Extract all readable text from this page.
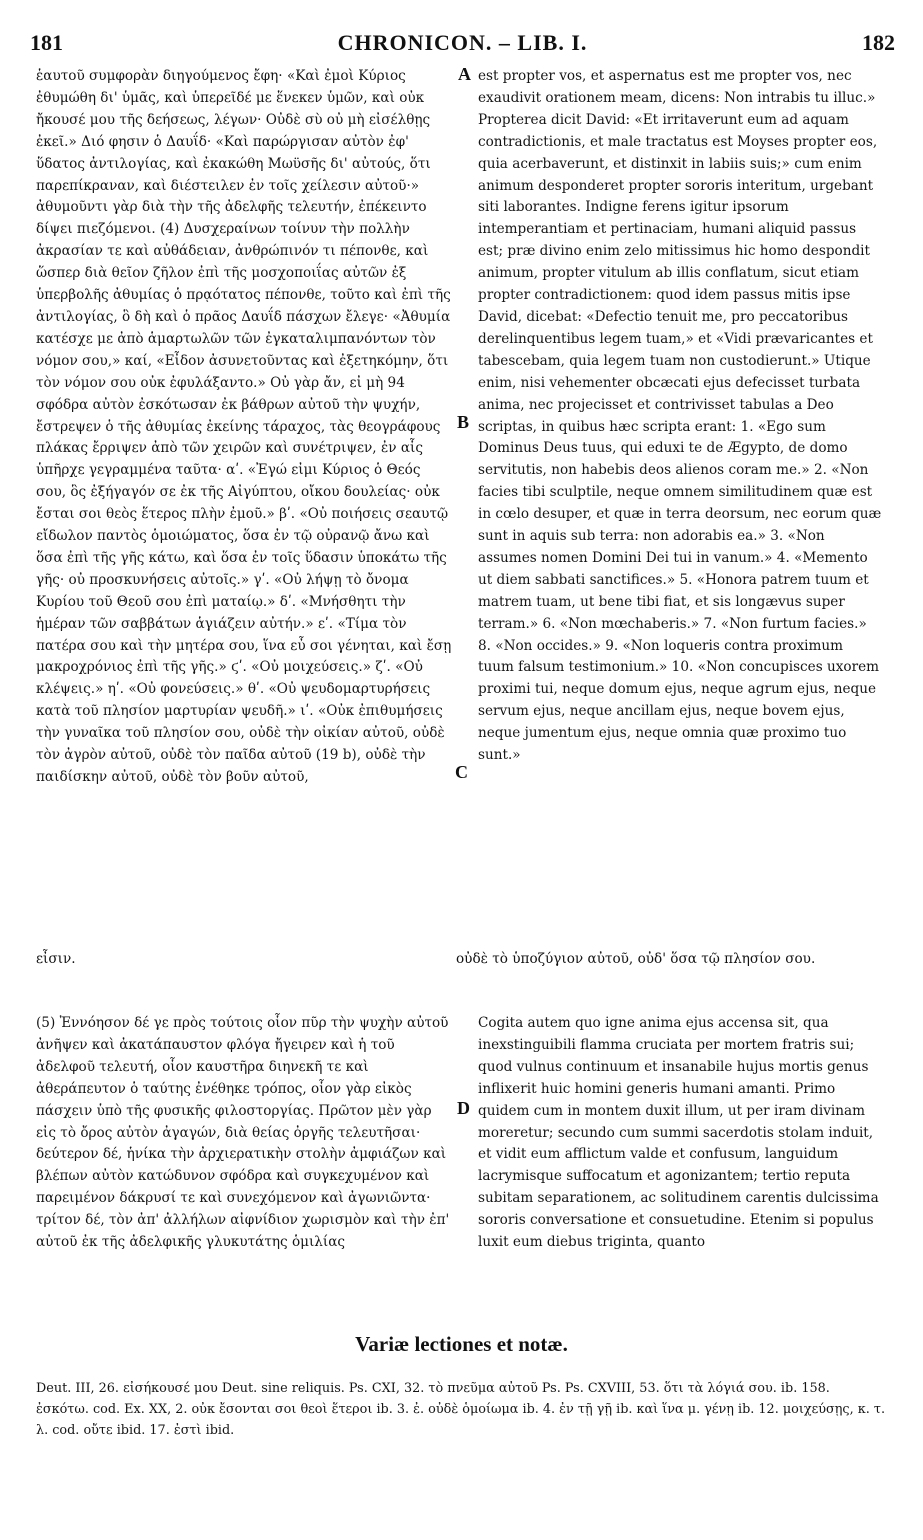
181	CHRONICON. – LIB. I.	182

ἑαυτοῦ συμφορὰν διηγούμενος ἔφη· «Καὶ ἐμοὶ Κύριος ἐθυμώθη δι' ὑμᾶς, καὶ ὑπερεῖδέ με ἕνεκεν ὑμῶν, καὶ οὐκ ἤκουσέ μου τῆς δεήσεως, λέγων· Οὐδὲ σὺ οὐ μὴ εἰσέλθῃς ἐκεῖ.» Διό φησιν ὁ Δαυΐδ· «Καὶ παρώργισαν αὐτὸν ἐφ' ὕδατος ἀντιλογίας, καὶ ἐκακώθη Μωϋσῆς δι' αὐτούς, ὅτι παρεπίκραναν, καὶ διέστειλεν ἐν τοῖς χείλεσιν αὐτοῦ·» ἀθυμοῦντι γὰρ διὰ τὴν τῆς ἀδελφῆς τελευτήν, ἐπέκειντο δίψει πιεζόμενοι. (4) Δυσχεραίνων τοίνυν τὴν πολλὴν ἀκρασίαν τε καὶ αὐθάδειαν, ἀνθρώπινόν τι πέπονθε, καὶ ὥσπερ διὰ θεῖον ζῆλον ἐπὶ τῆς μοσχοποιΐας αὐτῶν ἐξ ὑπερβολῆς ἀθυμίας ὁ πρᾳότατος πέπονθε, τοῦτο καὶ ἐπὶ τῆς ἀντιλογίας, ὃ δὴ καὶ ὁ πρᾶος Δαυΐδ πάσχων ἔλεγε· «Ἀθυμία κατέσχε με ἀπὸ ἁμαρτωλῶν τῶν ἐγκαταλιμπανόντων τὸν νόμον σου,» καί, «Εἶδον ἀσυνετοῦντας καὶ ἐξετηκόμην, ὅτι τὸν νόμον σου οὐκ ἐφυλάξαντο.» Οὐ γὰρ ἄν, εἰ μὴ 94 σφόδρα αὐτὸν ἐσκότωσαν ἐκ βάθρων αὐτοῦ τὴν ψυχήν, ἔστρεψεν ὁ τῆς ἀθυμίας ἐκείνης τάραχος, τὰς θεογράφους πλάκας ἔρριψεν ἀπὸ τῶν χειρῶν καὶ συνέτριψεν, ἐν αἷς ὑπῆρχε γεγραμμένα ταῦτα· αʹ. «Ἐγώ εἰμι Κύριος ὁ Θεός σου, ὃς ἐξήγαγόν σε ἐκ τῆς Αἰγύπτου, οἴκου δουλείας· οὐκ ἔσται σοι θεὸς ἕτερος πλὴν ἐμοῦ.» βʹ. «Οὐ ποιήσεις σεαυτῷ εἴδωλον παντὸς ὁμοιώματος, ὅσα ἐν τῷ οὐρανῷ ἄνω καὶ ὅσα ἐπὶ τῆς γῆς κάτω, καὶ ὅσα ἐν τοῖς ὕδασιν ὑποκάτω τῆς γῆς· οὐ προσκυνήσεις αὐτοῖς.» γʹ. «Οὐ λήψῃ τὸ ὄνομα Κυρίου τοῦ Θεοῦ σου ἐπὶ ματαίῳ.» δʹ. «Μνήσθητι τὴν ἡμέραν τῶν σαββάτων ἁγιάζειν αὐτήν.» εʹ. «Τίμα τὸν πατέρα σου καὶ τὴν μητέρα σου, ἵνα εὖ σοι γένηται, καὶ ἔσῃ μακροχρόνιος ἐπὶ τῆς γῆς.» ϛʹ. «Οὐ μοιχεύσεις.» ζʹ. «Οὐ κλέψεις.» ηʹ. «Οὐ φονεύσεις.» θʹ. «Οὐ ψευδομαρτυρήσεις κατὰ τοῦ πλησίον μαρτυρίαν ψευδῆ.» ιʹ. «Οὐκ ἐπιθυμήσεις τὴν γυναῖκα τοῦ πλησίον σου, οὐδὲ τὴν οἰκίαν αὐτοῦ, οὐδὲ τὸν ἀγρὸν αὐτοῦ, οὐδὲ τὸν παῖδα αὐτοῦ (19 b), οὐδὲ τὴν παιδίσκην αὐτοῦ, οὐδὲ τὸν βοῦν αὐτοῦ,

est propter vos, et aspernatus est me propter vos, nec exaudivit orationem meam, dicens: Non intrabis tu illuc.» Propterea dicit David: «Et irritaverunt eum ad aquam contradictionis, et male tractatus est Moyses propter eos, quia acerbaverunt, et distinxit in labiis suis;» cum enim animum desponderet propter sororis interitum, urgebant siti laborantes. Indigne ferens igitur ipsorum intemperantiam et pertinaciam, humani aliquid passus est; præ divino enim zelo mitissimus hic homo despondit animum, propter vitulum ab illis conflatum, sicut etiam propter contradictionem: quod idem passus mitis ipse David, dicebat: «Defectio tenuit me, pro peccatoribus derelinquentibus legem tuam,» et «Vidi prævaricantes et tabescebam, quia legem tuam non custodierunt.» Utique enim, nisi vehementer obcæcati ejus defecisset turbata anima, nec projecisset et contrivisset tabulas a Deo scriptas, in quibus hæc scripta erant: 1. «Ego sum Dominus Deus tuus, qui eduxi te de Ægypto, de domo servitutis, non habebis deos alienos coram me.» 2. «Non facies tibi sculptile, neque omnem similitudinem quæ est in cœlo desuper, et quæ in terra deorsum, nec eorum quæ sunt in aquis sub terra: non adorabis ea.» 3. «Non assumes nomen Domini Dei tui in vanum.» 4. «Memento ut diem sabbati sanctifices.» 5. «Honora patrem tuum et matrem tuam, ut bene tibi fiat, et sis longævus super terram.» 6. «Non mœchaberis.» 7. «Non furtum facies.» 8. «Non occides.» 9. «Non loqueris contra proximum tuum falsum testimonium.» 10. «Non concupisces uxorem proximi tui, neque domum ejus, neque agrum ejus, neque servum ejus, neque ancillam ejus, neque bovem ejus, neque jumentum ejus, neque omnia quæ proximo tuo sunt.»

A
B
C
D
εἶσιν.	οὐδὲ τὸ ὑποζύγιον αὐτοῦ, οὐδ' ὅσα τῷ πλησίον σου.

(5) Ἐννόησον δέ γε πρὸς τούτοις οἷον πῦρ τὴν ψυχὴν αὐτοῦ ἀνῆψεν καὶ ἀκατάπαυστον φλόγα ἤγειρεν καὶ ἡ τοῦ ἀδελφοῦ τελευτή, οἷον καυστῆρα διηνεκῆ τε καὶ ἀθεράπευτον ὁ ταύτης ἐνέθηκε τρόπος, οἷον γὰρ εἰκὸς πάσχειν ὑπὸ τῆς φυσικῆς φιλοστοργίας. Πρῶτον μὲν γὰρ εἰς τὸ ὄρος αὐτὸν ἀγαγών, διὰ θείας ὀργῆς τελευτῆσαι· δεύτερον δέ, ἡνίκα τὴν ἀρχιερατικὴν στολὴν ἀμφιάζων καὶ βλέπων αὐτὸν κατώδυνον σφόδρα καὶ συγκεχυμένον καὶ παρειμένον δάκρυσί τε καὶ συνεχόμενον καὶ ἀγωνιῶντα· τρίτον δέ, τὸν ἀπ' ἀλλήλων αἰφνίδιον χωρισμὸν καὶ τὴν ἐπ' αὐτοῦ ἐκ τῆς ἀδελφικῆς γλυκυτάτης ὁμιλίας

Cogita autem quo igne anima ejus accensa sit, qua inexstinguibili flamma cruciata per mortem fratris sui; quod vulnus continuum et insanabile hujus mortis genus inflixerit huic homini generis humani amanti. Primo quidem cum in montem duxit illum, ut per iram divinam moreretur; secundo cum summi sacerdotis stolam induit, et vidit eum afflictum valde et confusum, languidum lacrymisque suffocatum et agonizantem; tertio reputa subitam separationem, ac solitudinem carentis dulcissima sororis conversatione et consuetudine. Etenim si populus luxit eum diebus triginta, quanto

Variæ lectiones et notæ.

Deut. III, 26. εἰσήκουσέ μου Deut. sine reliquis. Ps. CXI, 32. τὸ πνεῦμα αὐτοῦ Ps. Ps. CXVIII, 53. ὅτι τὰ λόγιά σου. ib. 158. ἐσκότω. cod. Ex. XX, 2. οὐκ ἔσονται σοι θεοὶ ἕτεροι ib. 3. ἐ. οὐδὲ ὁμοίωμα ib. 4. ἐν τῇ γῇ ib. καὶ ἵνα μ. γένῃ ib. 12. μοιχεύσῃς, κ. τ. λ. cod. οὔτε ibid. 17. ἐστὶ ibid.
